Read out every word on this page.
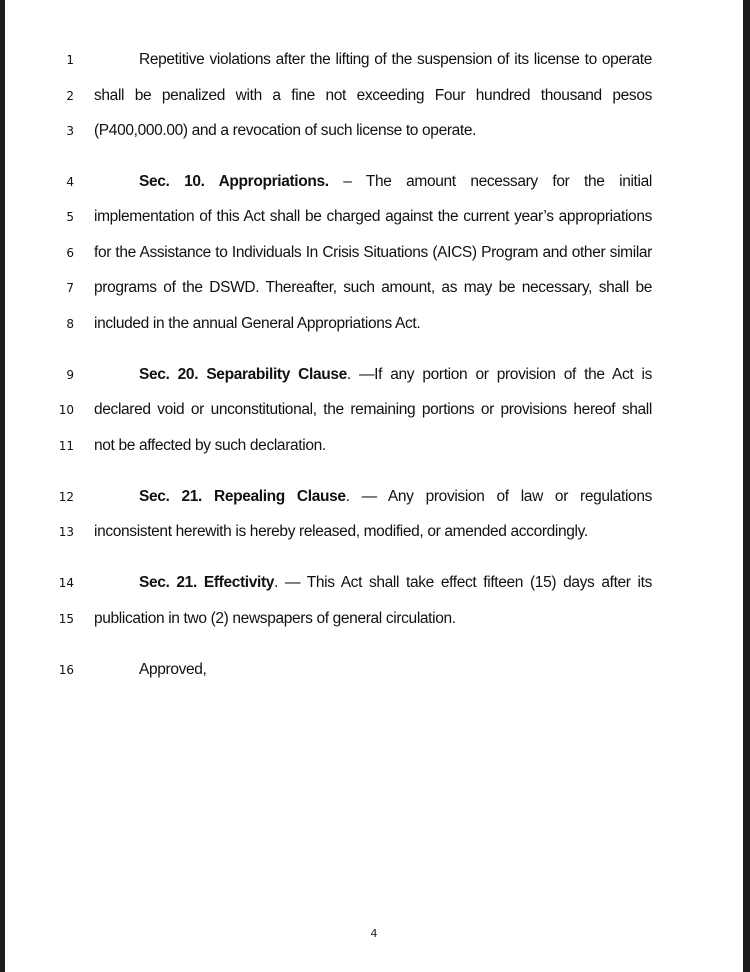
1	Repetitive violations after the lifting of the suspension of its license to operate
2 shall be penalized with a fine not exceeding Four hundred thousand pesos
3 (P400,000.00) and a revocation of such license to operate.
4	Sec. 10. Appropriations. – The amount necessary for the initial
5 implementation of this Act shall be charged against the current year’s appropriations
6 for the Assistance to Individuals In Crisis Situations (AICS) Program and other similar
7 programs of the DSWD. Thereafter, such amount, as may be necessary, shall be
8 included in the annual General Appropriations Act.
9	Sec. 20. Separability Clause. —If any portion or provision of the Act is
10 declared void or unconstitutional, the remaining portions or provisions hereof shall
11 not be affected by such declaration.
12	Sec. 21. Repealing Clause. — Any provision of law or regulations
13 inconsistent herewith is hereby released, modified, or amended accordingly.
14	Sec. 21. Effectivity. — This Act shall take effect fifteen (15) days after its
15 publication in two (2) newspapers of general circulation.
16	Approved,
4
